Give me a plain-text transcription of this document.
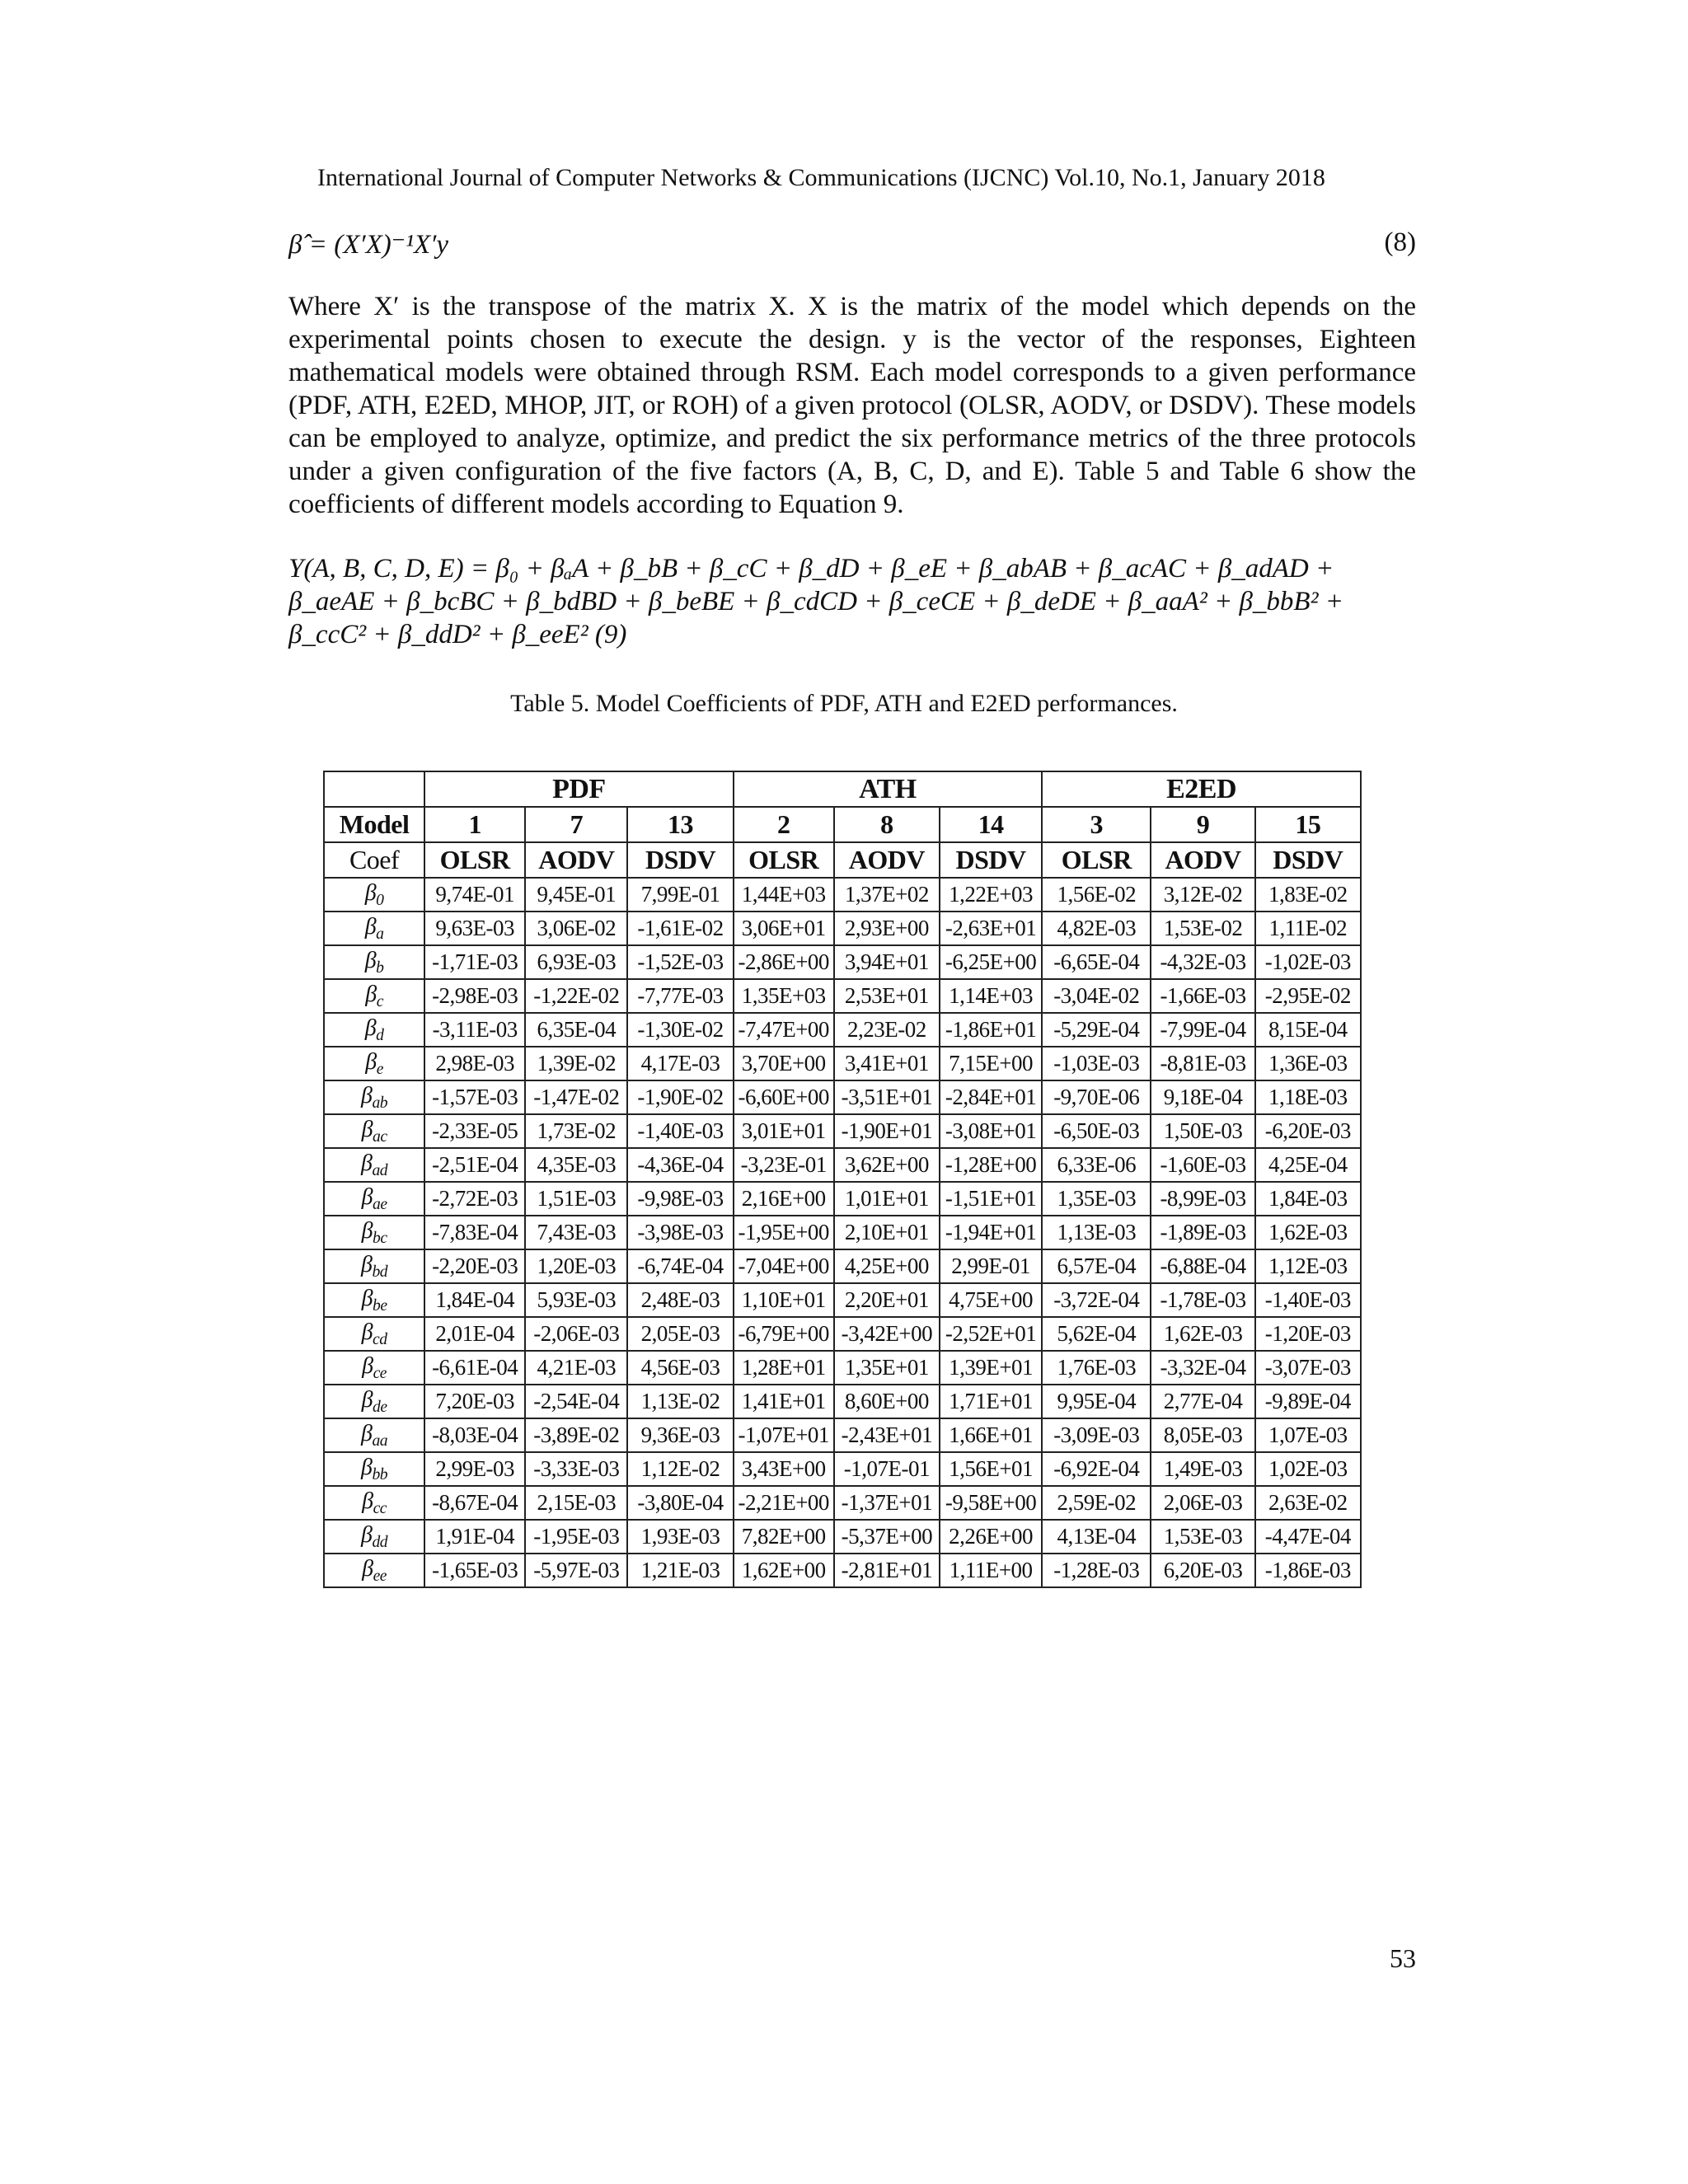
International Journal of Computer Networks & Communications (IJCNC) Vol.10, No.1, January 2018
β̂ = (X′X)⁻¹X′y	(8)

Where X′ is the transpose of the matrix X. X is the matrix of the model which depends on the experimental points chosen to execute the design. y is the vector of the responses, Eighteen mathematical models were obtained through RSM. Each model corresponds to a given performance (PDF, ATH, E2ED, MHOP, JIT, or ROH) of a given protocol (OLSR, AODV, or DSDV). These models can be employed to analyze, optimize, and predict the six performance metrics of the three protocols under a given configuration of the five factors (A, B, C, D, and E). Table 5 and Table 6 show the coefficients of different models according to Equation 9.

Y(A, B, C, D, E) = β₀ + βₐA + β_bB + β_cC + β_dD + β_eE + β_abAB + β_acAC + β_adAD + β_aeAE + β_bcBC + β_bdBD + β_beBE + β_cdCD + β_ceCE + β_deDE + β_aaA² + β_bbB² + β_ccC² + β_ddD² + β_eeE² (9)

Table 5. Model Coefficients of PDF, ATH and E2ED performances.
	PDF			ATH			E2ED		
Model	1	7	13	2	8	14	3	9	15
Coef	OLSR	AODV	DSDV	OLSR	AODV	DSDV	OLSR	AODV	DSDV
$\beta_0$	9,74E-01	9,45E-01	7,99E-01	1,44E+03	1,37E+02	1,22E+03	1,56E-02	3,12E-02	1,83E-02
$\beta_a$	9,63E-03	3,06E-02	-1,61E-02	3,06E+01	2,93E+00	-2,63E+01	4,82E-03	1,53E-02	1,11E-02
$\beta_b$	-1,71E-03	6,93E-03	-1,52E-03	-2,86E+00	3,94E+01	-6,25E+00	-6,65E-04	-4,32E-03	-1,02E-03
$\beta_c$	-2,98E-03	-1,22E-02	-7,77E-03	1,35E+03	2,53E+01	1,14E+03	-3,04E-02	-1,66E-03	-2,95E-02
$\beta_d$	-3,11E-03	6,35E-04	-1,30E-02	-7,47E+00	2,23E-02	-1,86E+01	-5,29E-04	-7,99E-04	8,15E-04
$\beta_e$	2,98E-03	1,39E-02	4,17E-03	3,70E+00	3,41E+01	7,15E+00	-1,03E-03	-8,81E-03	1,36E-03
$\beta_{ab}$	-1,57E-03	-1,47E-02	-1,90E-02	-6,60E+00	-3,51E+01	-2,84E+01	-9,70E-06	9,18E-04	1,18E-03
$\beta_{ac}$	-2,33E-05	1,73E-02	-1,40E-03	3,01E+01	-1,90E+01	-3,08E+01	-6,50E-03	1,50E-03	-6,20E-03
$\beta_{ad}$	-2,51E-04	4,35E-03	-4,36E-04	-3,23E-01	3,62E+00	-1,28E+00	6,33E-06	-1,60E-03	4,25E-04
$\beta_{ae}$	-2,72E-03	1,51E-03	-9,98E-03	2,16E+00	1,01E+01	-1,51E+01	1,35E-03	-8,99E-03	1,84E-03
$\beta_{bc}$	-7,83E-04	7,43E-03	-3,98E-03	-1,95E+00	2,10E+01	-1,94E+01	1,13E-03	-1,89E-03	1,62E-03
$\beta_{bd}$	-2,20E-03	1,20E-03	-6,74E-04	-7,04E+00	4,25E+00	2,99E-01	6,57E-04	-6,88E-04	1,12E-03
$\beta_{be}$	1,84E-04	5,93E-03	2,48E-03	1,10E+01	2,20E+01	4,75E+00	-3,72E-04	-1,78E-03	-1,40E-03
$\beta_{cd}$	2,01E-04	-2,06E-03	2,05E-03	-6,79E+00	-3,42E+00	-2,52E+01	5,62E-04	1,62E-03	-1,20E-03
$\beta_{ce}$	-6,61E-04	4,21E-03	4,56E-03	1,28E+01	1,35E+01	1,39E+01	1,76E-03	-3,32E-04	-3,07E-03
$\beta_{de}$	7,20E-03	-2,54E-04	1,13E-02	1,41E+01	8,60E+00	1,71E+01	9,95E-04	2,77E-04	-9,89E-04
$\beta_{aa}$	-8,03E-04	-3,89E-02	9,36E-03	-1,07E+01	-2,43E+01	1,66E+01	-3,09E-03	8,05E-03	1,07E-03
$\beta_{bb}$	2,99E-03	-3,33E-03	1,12E-02	3,43E+00	-1,07E-01	1,56E+01	-6,92E-04	1,49E-03	1,02E-03
$\beta_{cc}$	-8,67E-04	2,15E-03	-3,80E-04	-2,21E+00	-1,37E+01	-9,58E+00	2,59E-02	2,06E-03	2,63E-02
$\beta_{dd}$	1,91E-04	-1,95E-03	1,93E-03	7,82E+00	-5,37E+00	2,26E+00	4,13E-04	1,53E-03	-4,47E-04
$\beta_{ee}$	-1,65E-03	-5,97E-03	1,21E-03	1,62E+00	-2,81E+01	1,11E+00	-1,28E-03	6,20E-03	-1,86E-03
53
